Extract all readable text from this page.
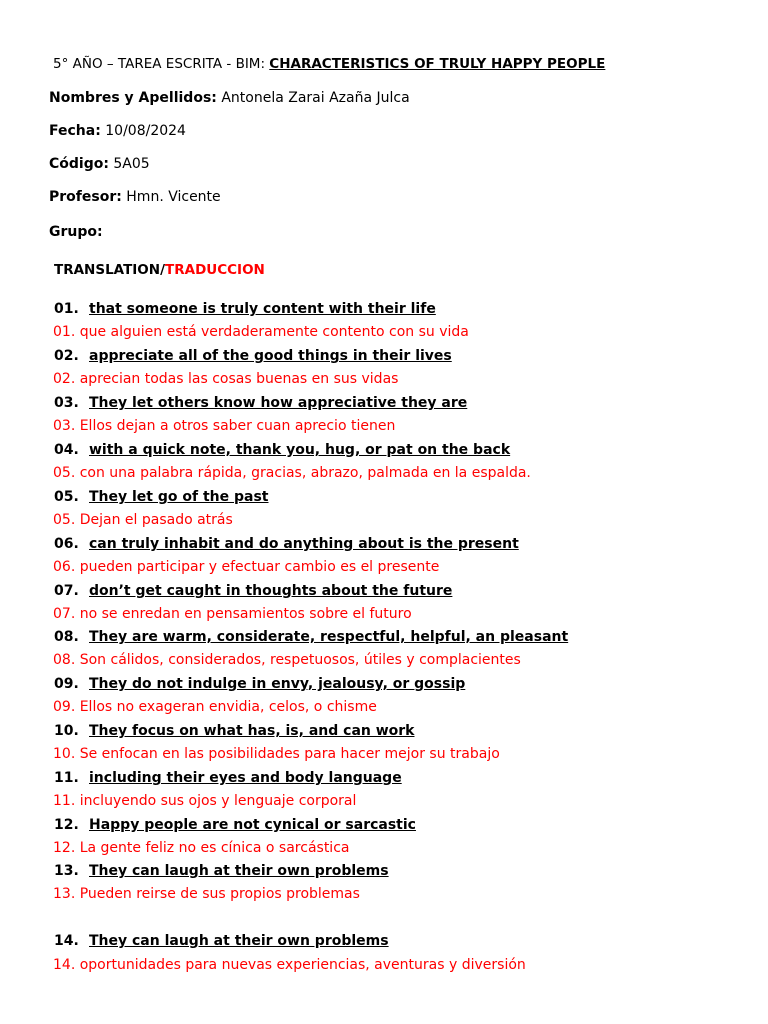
5° AÑO – TAREA ESCRITA - BIM: CHARACTERISTICS OF TRULY HAPPY PEOPLE
Nombres y Apellidos: Antonela Zarai Azaña Julca
Fecha: 10/08/2024
Código: 5A05
Profesor: Hmn. Vicente
Grupo:
TRANSLATION/TRADUCCION
01. that someone is truly content with their life
01. que alguien está verdaderamente contento con su vida
02. appreciate all of the good things in their lives
02. aprecian todas las cosas buenas en sus vidas
03. They let others know how appreciative they are
03. Ellos dejan a otros saber cuan aprecio tienen
04. with a quick note, thank you, hug, or pat on the back
05. con una palabra rápida, gracias, abrazo, palmada en la espalda.
05. They let go of the past
05. Dejan el pasado atrás
06. can truly inhabit and do anything about is the present
06. pueden participar y efectuar cambio es el presente
07. don’t get caught in thoughts about the future
07. no se enredan en pensamientos sobre el futuro
08. They are warm, considerate, respectful, helpful, an pleasant
08. Son cálidos, considerados, respetuosos, útiles y complacientes
09. They do not indulge in envy, jealousy, or gossip
09. Ellos no exageran envidia, celos, o chisme
10. They focus on what has, is, and can work
10. Se enfocan en las posibilidades para hacer mejor su trabajo
11. including their eyes and body language
11. incluyendo sus ojos y lenguaje corporal
12. Happy people are not cynical or sarcastic
12. La gente feliz no es cínica o sarcástica
13. They can laugh at their own problems
13. Pueden reirse de sus propios problemas
14. They can laugh at their own problems
14. oportunidades para nuevas experiencias, aventuras y diversión
